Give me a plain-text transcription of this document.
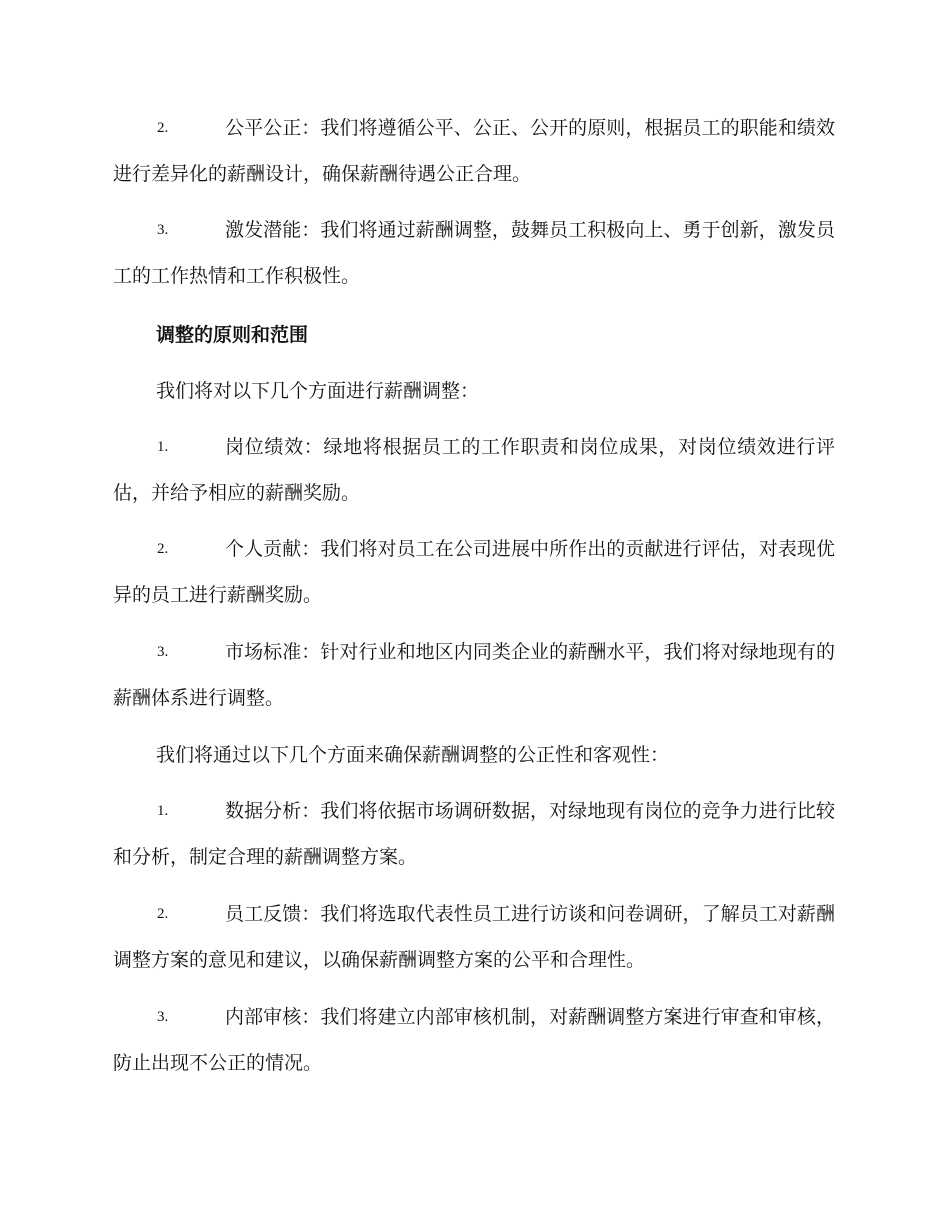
2.	公平公正：我们将遵循公平、公正、公开的原则，根据员工的职能和绩效进行差异化的薪酬设计，确保薪酬待遇公正合理。
3.	激发潜能：我们将通过薪酬调整，鼓舞员工积极向上、勇于创新，激发员工的工作热情和工作积极性。
调整的原则和范围
我们将对以下几个方面进行薪酬调整：
1.	岗位绩效：绿地将根据员工的工作职责和岗位成果，对岗位绩效进行评估，并给予相应的薪酬奖励。
2.	个人贡献：我们将对员工在公司进展中所作出的贡献进行评估，对表现优异的员工进行薪酬奖励。
3.	市场标准：针对行业和地区内同类企业的薪酬水平，我们将对绿地现有的薪酬体系进行调整。
我们将通过以下几个方面来确保薪酬调整的公正性和客观性：
1.	数据分析：我们将依据市场调研数据，对绿地现有岗位的竞争力进行比较和分析，制定合理的薪酬调整方案。
2.	员工反馈：我们将选取代表性员工进行访谈和问卷调研，了解员工对薪酬调整方案的意见和建议，以确保薪酬调整方案的公平和合理性。
3.	内部审核：我们将建立内部审核机制，对薪酬调整方案进行审查和审核，防止出现不公正的情况。
